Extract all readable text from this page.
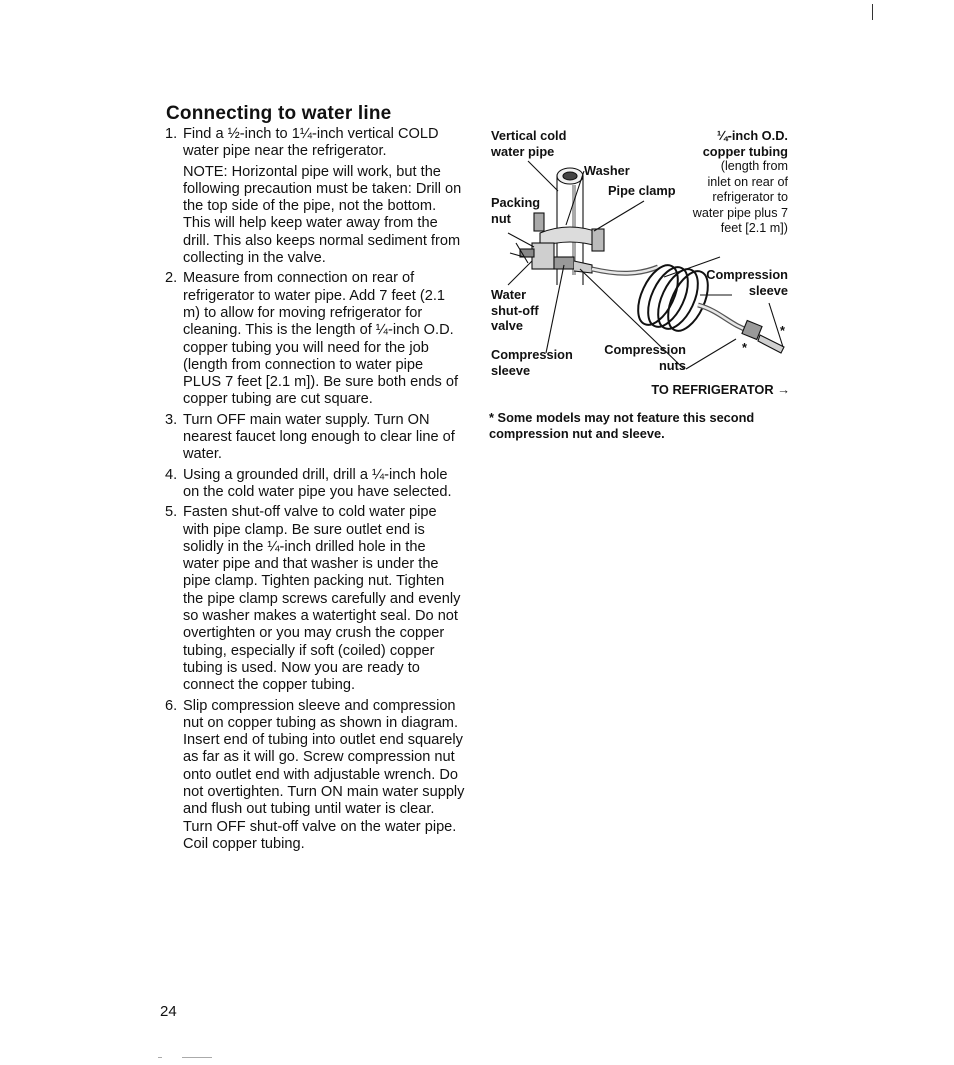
Connecting to water line
1. Find a ½-inch to 1¼-inch vertical COLD water pipe near the refrigerator.
NOTE: Horizontal pipe will work, but the following precaution must be taken: Drill on the top side of the pipe, not the bottom. This will help keep water away from the drill. This also keeps normal sediment from collecting in the valve.
2. Measure from connection on rear of refrigerator to water pipe. Add 7 feet (2.1 m) to allow for moving refrigerator for cleaning. This is the length of ¼-inch O.D. copper tubing you will need for the job (length from connection to water pipe PLUS 7 feet [2.1 m]). Be sure both ends of copper tubing are cut square.
3. Turn OFF main water supply. Turn ON nearest faucet long enough to clear line of water.
4. Using a grounded drill, drill a ¼-inch hole on the cold water pipe you have selected.
5. Fasten shut-off valve to cold water pipe with pipe clamp. Be sure outlet end is solidly in the ¼-inch drilled hole in the water pipe and that washer is under the pipe clamp. Tighten packing nut. Tighten the pipe clamp screws carefully and evenly so washer makes a watertight seal. Do not overtighten or you may crush the copper tubing, especially if soft (coiled) copper tubing is used. Now you are ready to connect the copper tubing.
6. Slip compression sleeve and compression nut on copper tubing as shown in diagram. Insert end of tubing into outlet end squarely as far as it will go. Screw compression nut onto outlet end with adjustable wrench. Do not overtighten. Turn ON main water supply and flush out tubing until water is clear. Turn OFF shut-off valve on the water pipe. Coil copper tubing.
Vertical cold
water pipe
Washer
Pipe clamp
Packing
nut
¼-inch O.D.
copper tubing
(length from
inlet on rear of
refrigerator to
water pipe plus 7
feet [2.1 m])
Compression
sleeve
Water
shut-off
valve
Compression
sleeve
Compression
nuts
*
*
TO REFRIGERATOR →
* Some models may not feature this second compression nut and sleeve.
24
